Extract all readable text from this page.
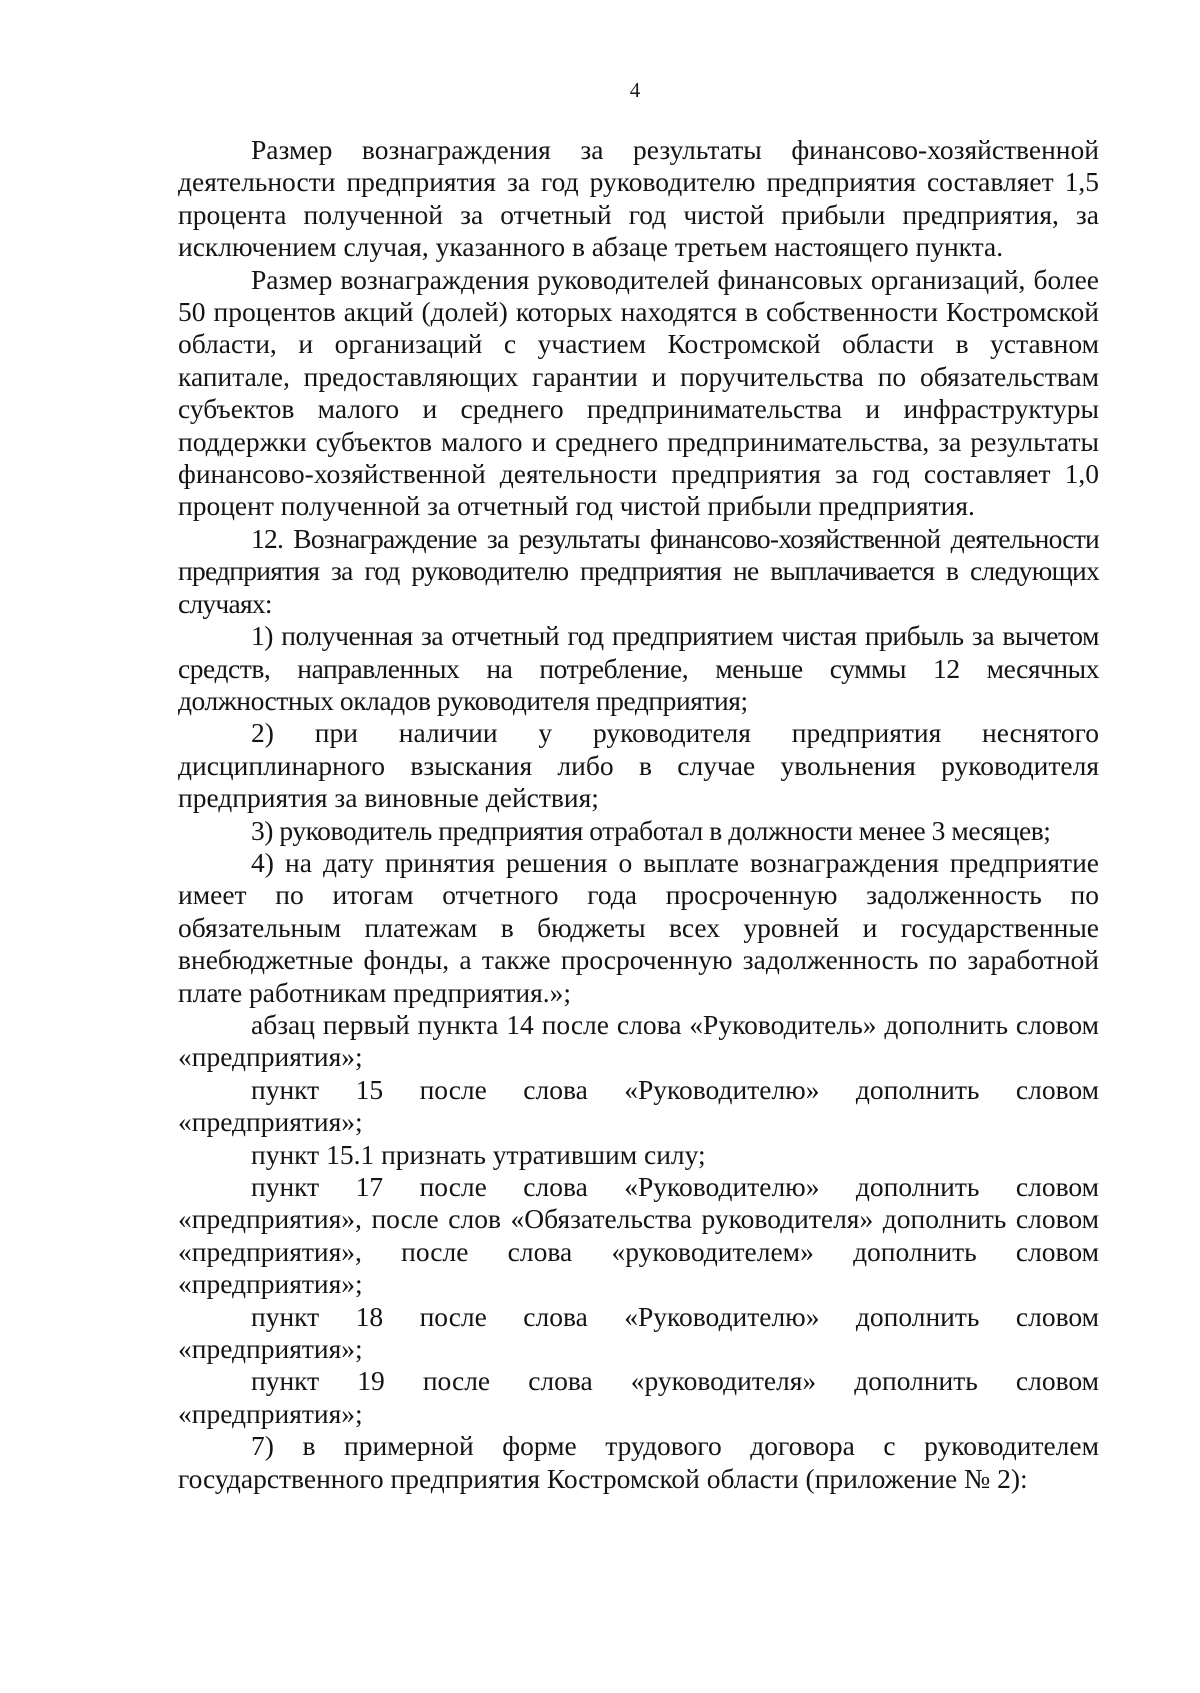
4

Размер вознаграждения за результаты финансово-хозяйственной деятельности предприятия за год руководителю предприятия составляет 1,5 процента полученной за отчетный год чистой прибыли предприятия, за исключением случая, указанного в абзаце третьем настоящего пункта.

Размер вознаграждения руководителей финансовых организаций, более 50 процентов акций (долей) которых находятся в собственности Костромской области, и организаций с участием Костромской области в уставном капитале, предоставляющих гарантии и поручительства по обязательствам субъектов малого и среднего предпринимательства и инфраструктуры поддержки субъектов малого и среднего предпринимательства, за результаты финансово-хозяйственной деятельности предприятия за год составляет 1,0 процент полученной за отчетный год чистой прибыли предприятия.

12. Вознаграждение за результаты финансово-хозяйственной деятельности предприятия за год руководителю предприятия не выплачивается в следующих случаях:

1) полученная за отчетный год предприятием чистая прибыль за вычетом средств, направленных на потребление, меньше суммы 12 месячных должностных окладов руководителя предприятия;

2) при наличии у руководителя предприятия неснятого дисциплинарного взыскания либо в случае увольнения руководителя предприятия за виновные действия;

3) руководитель предприятия отработал в должности менее 3 месяцев;

4) на дату принятия решения о выплате вознаграждения предприятие имеет по итогам отчетного года просроченную задолженность по обязательным платежам в бюджеты всех уровней и государственные внебюджетные фонды, а также просроченную задолженность по заработной плате работникам предприятия.»;

абзац первый пункта 14 после слова «Руководитель» дополнить словом «предприятия»;

пункт 15 после слова «Руководителю» дополнить словом «предприятия»;

пункт 15.1 признать утратившим силу;

пункт 17 после слова «Руководителю» дополнить словом «предприятия», после слов «Обязательства руководителя» дополнить словом «предприятия», после слова «руководителем» дополнить словом «предприятия»;

пункт 18 после слова «Руководителю» дополнить словом «предприятия»;

пункт 19 после слова «руководителя» дополнить словом «предприятия»;

7) в примерной форме трудового договора с руководителем государственного предприятия Костромской области (приложение № 2):
